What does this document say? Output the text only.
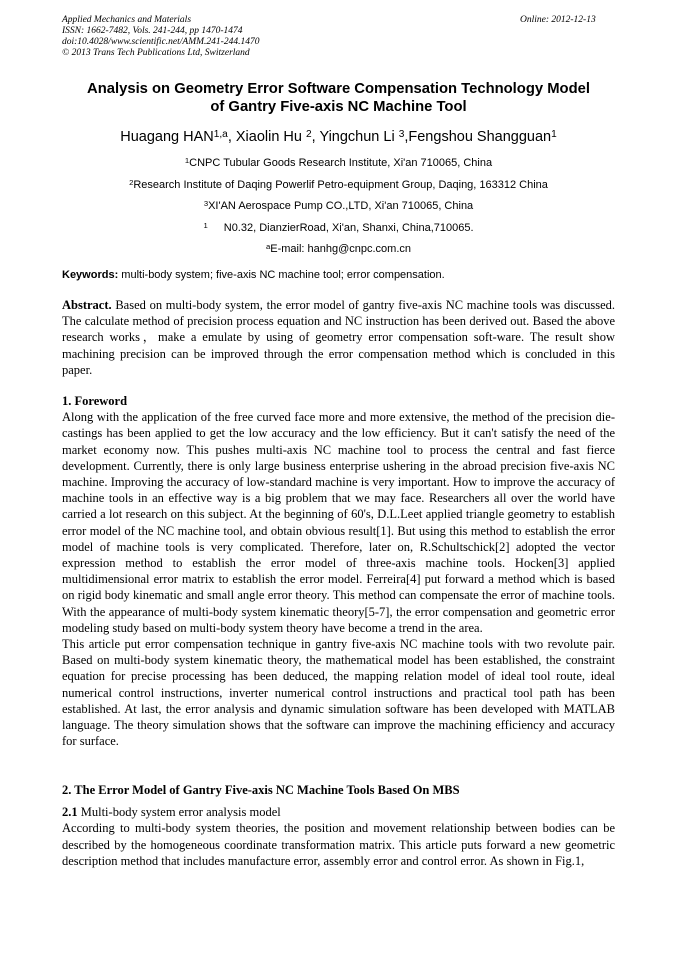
Applied Mechanics and Materials
ISSN: 1662-7482, Vols. 241-244, pp 1470-1474
doi:10.4028/www.scientific.net/AMM.241-244.1470
© 2013 Trans Tech Publications Ltd, Switzerland
Online: 2012-12-13
Analysis on Geometry Error Software Compensation Technology Model
of Gantry Five-axis NC Machine Tool
Huagang HAN$^{1,a}$, Xiaolin Hu $^2$, Yingchun Li $^3$,Fengshou Shangguan$^1$
$^1$CNPC Tubular Goods Research Institute, Xi'an 710065, China
$^2$Research Institute of Daqing Powerlif Petro-equipment Group, Daqing, 163312 China
$^3$XI'AN Aerospace Pump CO.,LTD, Xi'an 710065, China
$^1$ N0.32, DianzierRoad, Xi'an, Shanxi, China,710065.
$^a$E-mail: hanhg@cnpc.com.cn
Keywords: multi-body system; five-axis NC machine tool; error compensation.

Abstract. Based on multi-body system, the error model of gantry five-axis NC machine tools was discussed. The calculate method of precision process equation and NC instruction has been derived out. Based the above research works，make a emulate by using of geometry error compensation soft-ware. The result show machining precision can be improved through the error compensation method which is concluded in this paper.

1. Foreword

Along with the application of the free curved face more and more extensive, the method of the precision die-castings has been applied to get the low accuracy and the low efficiency. But it can't satisfy the need of the market economy now. This pushes multi-axis NC machine tool to process the central and fast fierce development. Currently, there is only large business enterprise ushering in the abroad precision five-axis NC machine. Improving the accuracy of low-standard machine is very important. How to improve the accuracy of machine tools in an effective way is a big problem that we may face. Researchers all over the world have carried a lot research on this subject. At the beginning of 60's, D.L.Leet applied triangle geometry to establish error model of the NC machine tool, and obtain obvious result[1]. But using this method to establish the error model of machine tools is very complicated. Therefore, later on, R.Schultschick[2] adopted the vector expression method to establish the error model of three-axis machine tools. Hocken[3] applied multidimensional error matrix to establish the error model. Ferreira[4] put forward a method which is based on rigid body kinematic and small angle error theory. This method can compensate the error of machine tools. With the appearance of multi-body system kinematic theory[5-7], the error compensation and geometric error modeling study based on multi-body system theory have become a trend in the area.

This article put error compensation technique in gantry five-axis NC machine tools with two revolute pair. Based on multi-body system kinematic theory, the mathematical model has been established, the constraint equation for precise processing has been deduced, the mapping relation model of ideal tool route, ideal numerical control instructions, inverter numerical control instructions and practical tool path has been established. At last, the error analysis and dynamic simulation software has been developed with MATLAB language. The theory simulation shows that the software can improve the machining efficiency and accuracy for surface.

2. The Error Model of Gantry Five-axis NC Machine Tools Based On MBS

2.1 Multi-body system error analysis model

According to multi-body system theories, the position and movement relationship between bodies can be described by the homogeneous coordinate transformation matrix. This article puts forward a new geometric description method that includes manufacture error, assembly error and control error. As shown in Fig.1,
